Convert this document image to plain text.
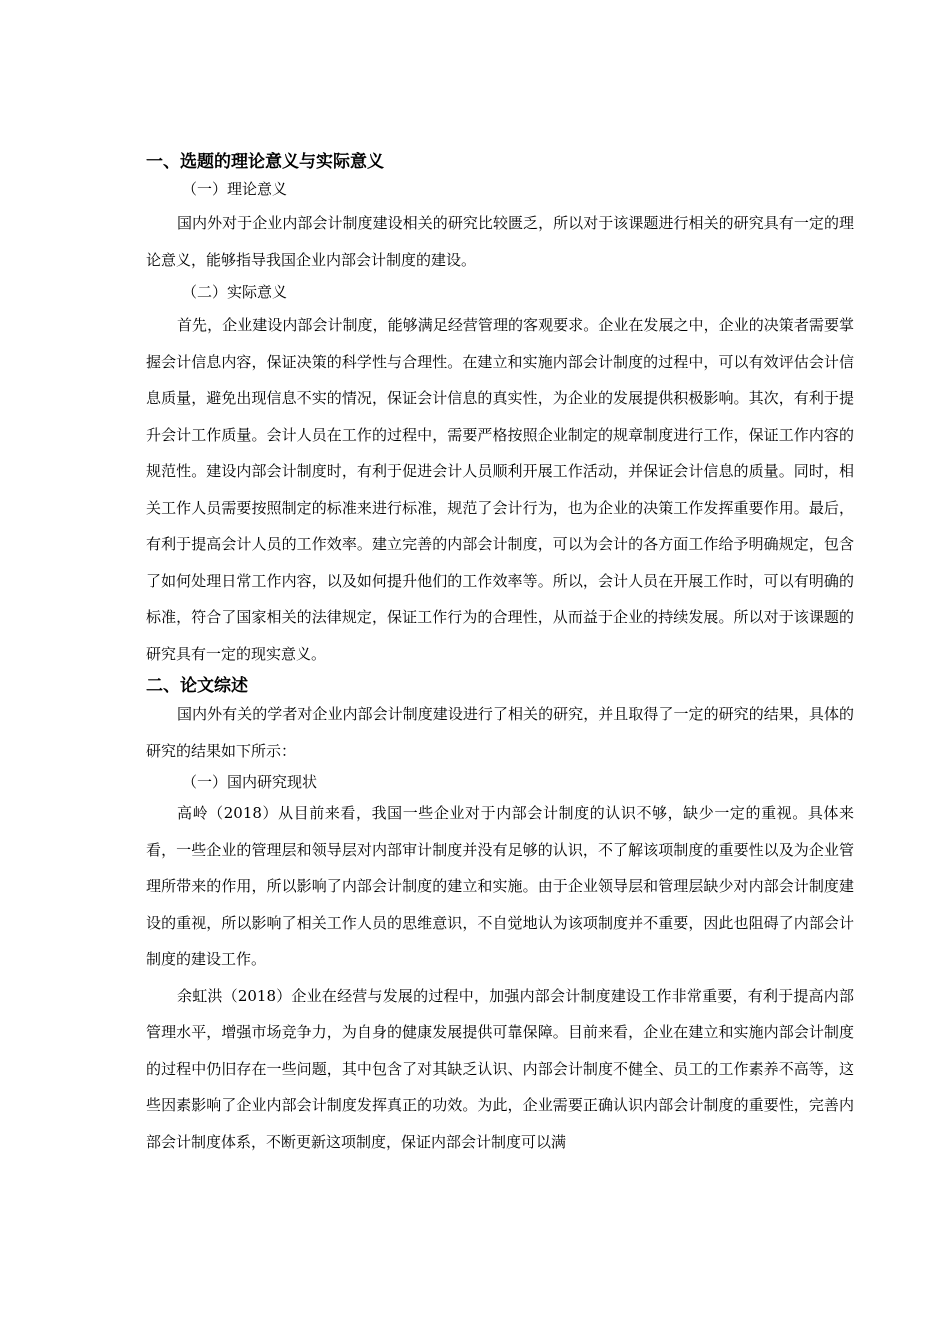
一、选题的理论意义与实际意义

（一）理论意义

国内外对于企业内部会计制度建设相关的研究比较匮乏，所以对于该课题进行相关的研究具有一定的理论意义，能够指导我国企业内部会计制度的建设。

（二）实际意义

首先，企业建设内部会计制度，能够满足经营管理的客观要求。企业在发展之中，企业的决策者需要掌握会计信息内容，保证决策的科学性与合理性。在建立和实施内部会计制度的过程中，可以有效评估会计信息质量，避免出现信息不实的情况，保证会计信息的真实性，为企业的发展提供积极影响。其次，有利于提升会计工作质量。会计人员在工作的过程中，需要严格按照企业制定的规章制度进行工作，保证工作内容的规范性。建设内部会计制度时，有利于促进会计人员顺利开展工作活动，并保证会计信息的质量。同时，相关工作人员需要按照制定的标准来进行标准，规范了会计行为，也为企业的决策工作发挥重要作用。最后，有利于提高会计人员的工作效率。建立完善的内部会计制度，可以为会计的各方面工作给予明确规定，包含了如何处理日常工作内容，以及如何提升他们的工作效率等。所以，会计人员在开展工作时，可以有明确的标准，符合了国家相关的法律规定，保证工作行为的合理性，从而益于企业的持续发展。所以对于该课题的研究具有一定的现实意义。

二、论文综述

国内外有关的学者对企业内部会计制度建设进行了相关的研究，并且取得了一定的研究的结果，具体的研究的结果如下所示：

（一）国内研究现状

高岭（2018）从目前来看，我国一些企业对于内部会计制度的认识不够，缺少一定的重视。具体来看，一些企业的管理层和领导层对内部审计制度并没有足够的认识，不了解该项制度的重要性以及为企业管理所带来的作用，所以影响了内部会计制度的建立和实施。由于企业领导层和管理层缺少对内部会计制度建设的重视，所以影响了相关工作人员的思维意识，不自觉地认为该项制度并不重要，因此也阻碍了内部会计制度的建设工作。

余虹洪（2018）企业在经营与发展的过程中，加强内部会计制度建设工作非常重要，有利于提高内部管理水平，增强市场竞争力，为自身的健康发展提供可靠保障。目前来看，企业在建立和实施内部会计制度的过程中仍旧存在一些问题，其中包含了对其缺乏认识、内部会计制度不健全、员工的工作素养不高等，这些因素影响了企业内部会计制度发挥真正的功效。为此，企业需要正确认识内部会计制度的重要性，完善内部会计制度体系，不断更新这项制度，保证内部会计制度可以满
